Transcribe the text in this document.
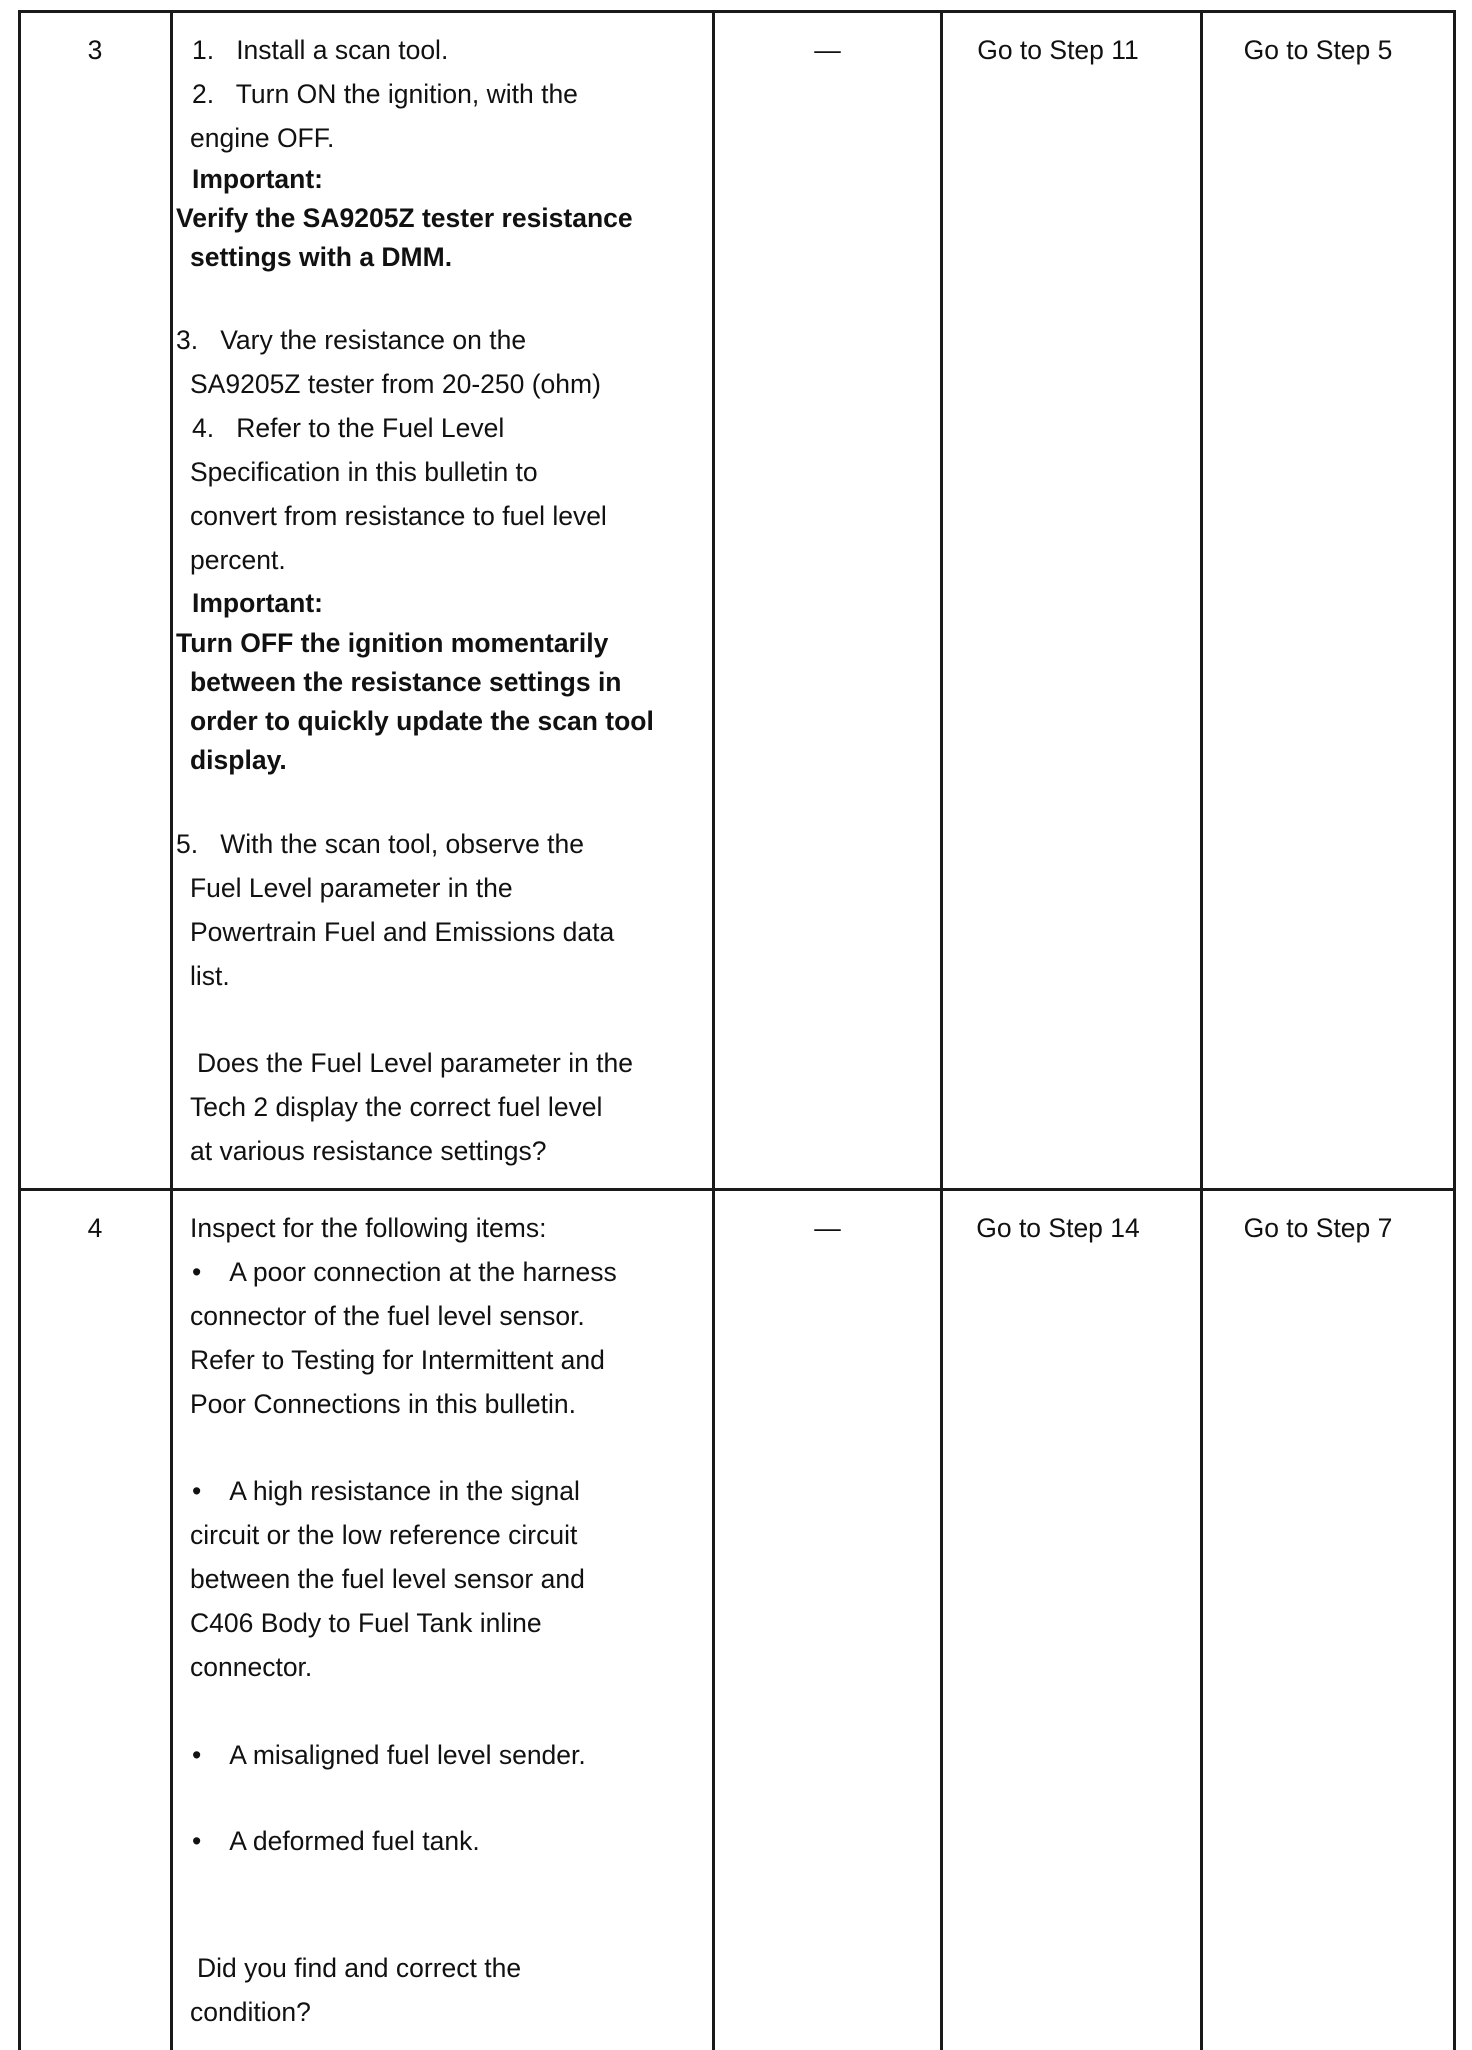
3	1.   Install a scan tool.
2.   Turn ON the ignition, with the
engine OFF.
Important:
Verify the SA9205Z tester resistance
settings with a DMM.
3.   Vary the resistance on the
SA9205Z tester from 20-250 (ohm)
4.   Refer to the Fuel Level
Specification in this bulletin to
convert from resistance to fuel level
percent.
Important:
Turn OFF the ignition momentarily
between the resistance settings in
order to quickly update the scan tool
display.
5.   With the scan tool, observe the
Fuel Level parameter in the
Powertrain Fuel and Emissions data
list.
Does the Fuel Level parameter in the
Tech 2 display the correct fuel level
at various resistance settings?
—	Go to Step 11	Go to Step 5
4	Inspect for the following items:
•    A poor connection at the harness
connector of the fuel level sensor.
Refer to Testing for Intermittent and
Poor Connections in this bulletin.
•    A high resistance in the signal
circuit or the low reference circuit
between the fuel level sensor and
C406 Body to Fuel Tank inline
connector.
•    A misaligned fuel level sender.
•    A deformed fuel tank.
Did you find and correct the
condition?
—	Go to Step 14	Go to Step 7
